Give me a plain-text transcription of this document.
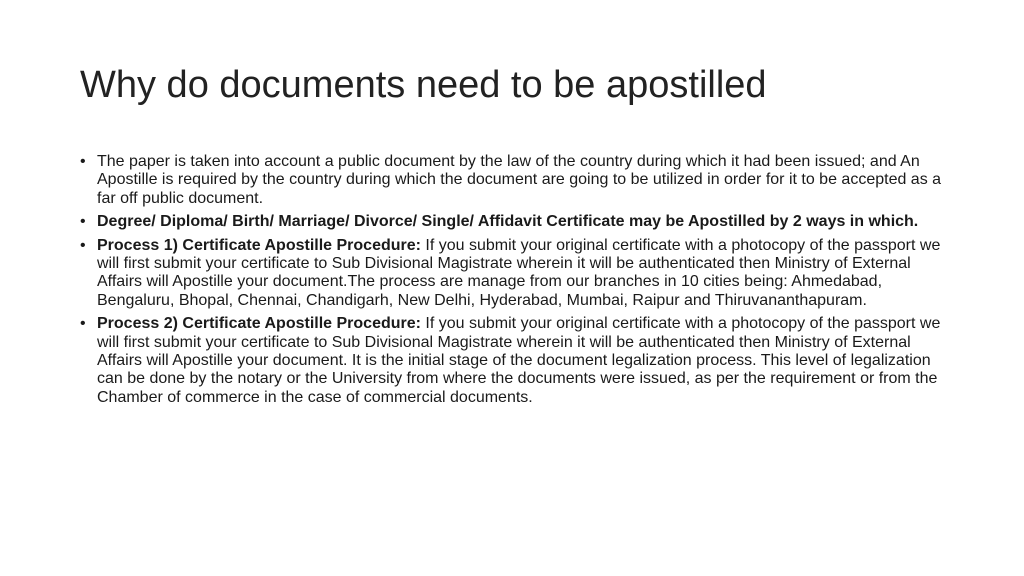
Why do documents need to be apostilled
• The paper is taken into account a public document by the law of the country during which it had been issued; and An Apostille is required by the country during which the document are going to be utilized in order for it to be accepted as a far off public document.
• Degree/ Diploma/ Birth/ Marriage/ Divorce/ Single/ Affidavit Certificate may be Apostilled by 2 ways in which.
• Process 1) Certificate Apostille Procedure: If you submit your original certificate with a photocopy of the passport we will first submit your certificate to Sub Divisional Magistrate wherein it will be authenticated then Ministry of External Affairs will Apostille your document.The process are manage from our branches in 10 cities being: Ahmedabad, Bengaluru, Bhopal, Chennai, Chandigarh, New Delhi, Hyderabad, Mumbai, Raipur and Thiruvananthapuram.
• Process 2) Certificate Apostille Procedure: If you submit your original certificate with a photocopy of the passport we will first submit your certificate to Sub Divisional Magistrate wherein it will be authenticated then Ministry of External Affairs will Apostille your document. It is the initial stage of the document legalization process. This level of legalization can be done by the notary or the University from where the documents were issued, as per the requirement or from the Chamber of commerce in the case of commercial documents.
